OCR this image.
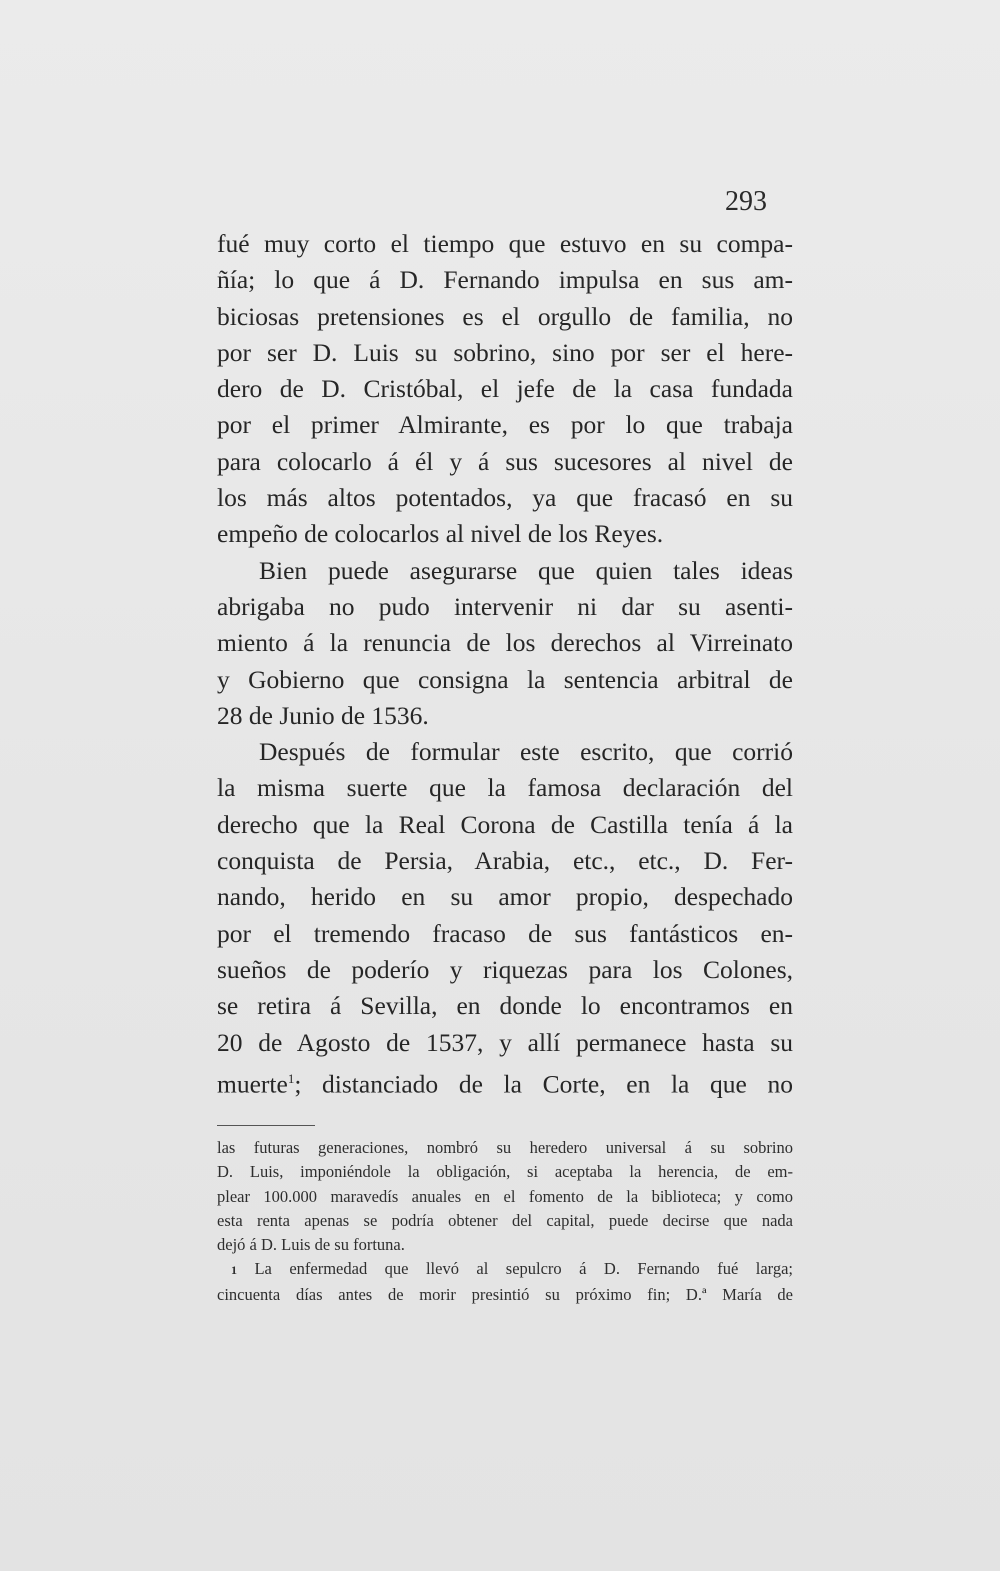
293

fué muy corto el tiempo que estuvo en su compa-
ñía; lo que á D. Fernando impulsa en sus am-
biciosas pretensiones es el orgullo de familia, no
por ser D. Luis su sobrino, sino por ser el here-
dero de D. Cristóbal, el jefe de la casa fundada
por el primer Almirante, es por lo que trabaja
para colocarlo á él y á sus sucesores al nivel de
los más altos potentados, ya que fracasó en su
empeño de colocarlos al nivel de los Reyes.
Bien puede asegurarse que quien tales ideas
abrigaba no pudo intervenir ni dar su asenti-
miento á la renuncia de los derechos al Virreinato
y Gobierno que consigna la sentencia arbitral de
28 de Junio de 1536.
Después de formular este escrito, que corrió
la misma suerte que la famosa declaración del
derecho que la Real Corona de Castilla tenía á la
conquista de Persia, Arabia, etc., etc., D. Fer-
nando, herido en su amor propio, despechado
por el tremendo fracaso de sus fantásticos en-
sueños de poderío y riquezas para los Colones,
se retira á Sevilla, en donde lo encontramos en
20 de Agosto de 1537, y allí permanece hasta su
muerte$^1$; distanciado de la Corte, en la que no
las futuras generaciones, nombró su heredero universal á su sobrino
D. Luis, imponiéndole la obligación, si aceptaba la herencia, de em-
plear 100.000 maravedís anuales en el fomento de la biblioteca; y como
esta renta apenas se podría obtener del capital, puede decirse que nada
dejó á D. Luis de su fortuna.
1 La enfermedad que llevó al sepulcro á D. Fernando fué larga;
cincuenta días antes de morir presintió su próximo fin; D.ª María de
